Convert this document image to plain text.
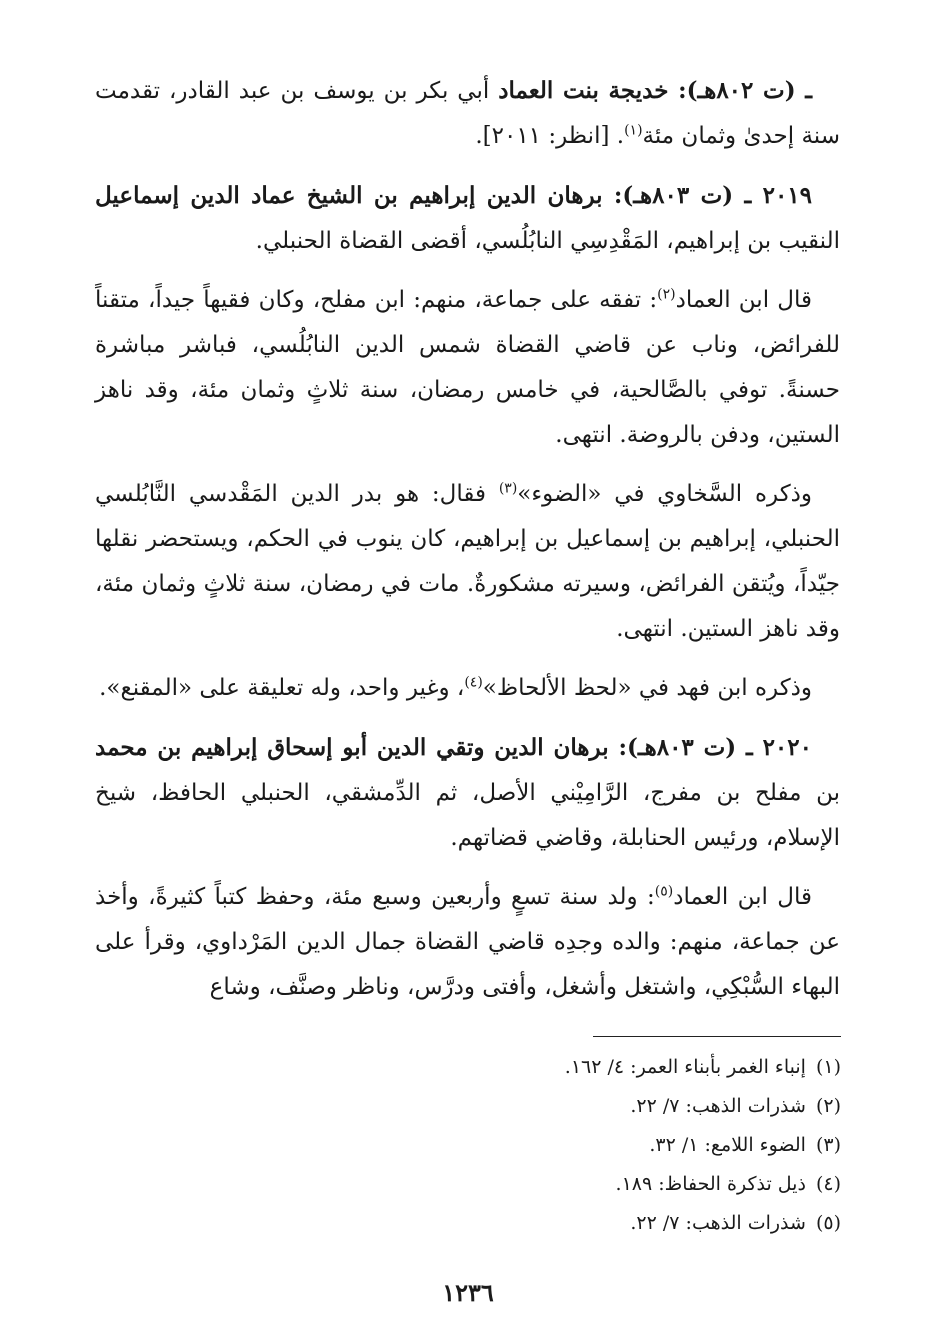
ـ (ت ٨٠٢هـ): خديجة بنت العماد أبي بكر بن يوسف بن عبد القادر، تقدمت سنة إحدىٰ وثمان مئة$^{(١)}$. [انظر: ٢٠١١].

٢٠١٩ ـ (ت ٨٠٣هـ): برهان الدين إبراهيم بن الشيخ عماد الدين إسماعيل النقيب بن إبراهيم، المَقْدِسِي النابُلُسي، أقضى القضاة الحنبلي.

قال ابن العماد$^{(٢)}$: تفقه على جماعة، منهم: ابن مفلح، وكان فقيهاً جيداً، متقناً للفرائض، وناب عن قاضي القضاة شمس الدين النابُلُسي، فباشر مباشرة حسنةً. توفي بالصَّالحية، في خامس رمضان، سنة ثلاثٍ وثمان مئة، وقد ناهز الستين، ودفن بالروضة. انتهى.

وذكره السَّخاوي في «الضوء»$^{(٣)}$ فقال: هو بدر الدين المَقْدسي النَّابُلسي الحنبلي، إبراهيم بن إسماعيل بن إبراهيم، كان ينوب في الحكم، ويستحضر نقلها جيّداً، ويُتقن الفرائض، وسيرته مشكورةٌ. مات في رمضان، سنة ثلاثٍ وثمان مئة، وقد ناهز الستين. انتهى.

وذكره ابن فهد في «لحظ الألحاظ»$^{(٤)}$، وغير واحد، وله تعليقة على «المقنع».

٢٠٢٠ ـ (ت ٨٠٣هـ): برهان الدين وتقي الدين أبو إسحاق إبراهيم بن محمد بن مفلح بن مفرج، الرَّامِيْني الأصل، ثم الدِّمشقي، الحنبلي الحافظ، شيخ الإسلام، ورئيس الحنابلة، وقاضي قضاتهم.

قال ابن العماد$^{(٥)}$: ولد سنة تسعٍ وأربعين وسبع مئة، وحفظ كتباً كثيرةً، وأخذ عن جماعة، منهم: والده وجدِه قاضي القضاة جمال الدين المَرْداوي، وقرأ على البهاء السُّبْكِي، واشتغل وأشغل، وأفتى ودرَّس، وناظر وصنَّف، وشاع

(١)إنباء الغمر بأبناء العمر: ٤/ ١٦٢.
(٢)شذرات الذهب: ٧/ ٢٢.
(٣)الضوء اللامع: ١/ ٣٢.
(٤)ذيل تذكرة الحفاظ: ١٨٩.
(٥)شذرات الذهب: ٧/ ٢٢.
١٢٣٦
